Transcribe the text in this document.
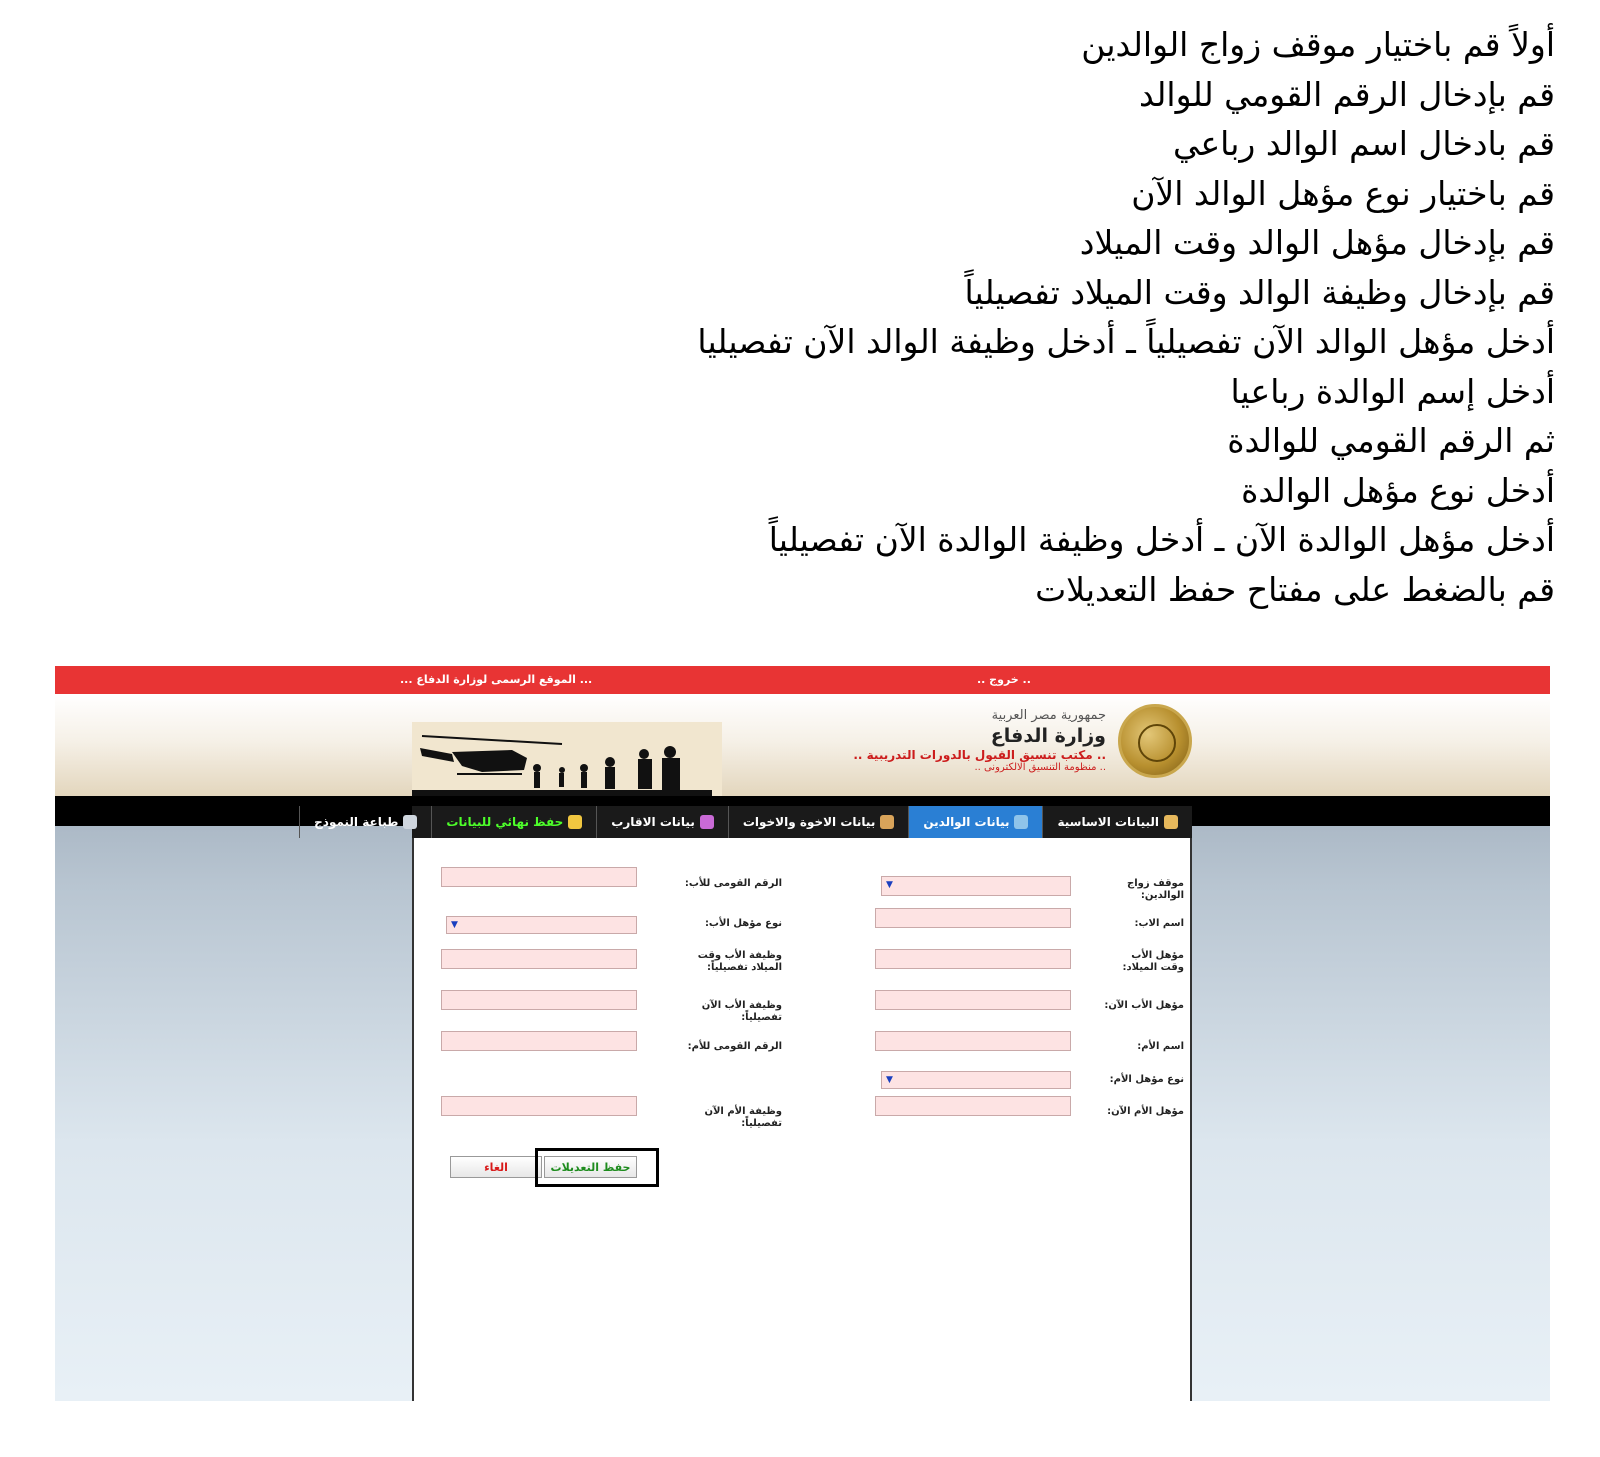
أولاً قم باختيار موقف زواج الوالدين
قم بإدخال الرقم القومي للوالد
قم بادخال اسم الوالد رباعي
قم باختيار نوع مؤهل الوالد الآن
قم بإدخال مؤهل الوالد وقت الميلاد
قم بإدخال وظيفة الوالد وقت الميلاد تفصيلياً
أدخل مؤهل الوالد الآن تفصيلياً ـ أدخل وظيفة الوالد الآن تفصيليا
أدخل إسم الوالدة رباعيا
ثم الرقم القومي للوالدة
أدخل نوع مؤهل الوالدة
أدخل مؤهل الوالدة الآن ـ أدخل وظيفة الوالدة الآن تفصيلياً
قم بالضغط على مفتاح حفظ التعديلات
... الموقع الرسمى لوزارة الدفاع ...	.. خروج ..
جمهورية مصر العربية
وزارة الدفاع
.. مكتب تنسيق القبول بالدورات التدريبية ..
.. منظومة التنسيق الالكترونى ..
البيانات الاساسية
بيانات الوالدين
بيانات الاخوة والاخوات
بيانات الاقارب
حفظ نهائي للبيانات
طباعة النموذج
موقف زواج الوالدين:
اسم الاب:
مؤهل الأب وقت الميلاد:
مؤهل الأب الآن:
اسم الأم:
نوع مؤهل الأم:
مؤهل الأم الآن:
▼
▼
الرقم القومى للأب:
نوع مؤهل الأب:
وظيفة الأب وقت الميلاد تفصيلياً:
وظيفة الأب الآن تفصيلياً:
الرقم القومى للأم:
وظيفة الأم الآن تفصيلياً:
▼
الغاء	حفظ التعديلات
